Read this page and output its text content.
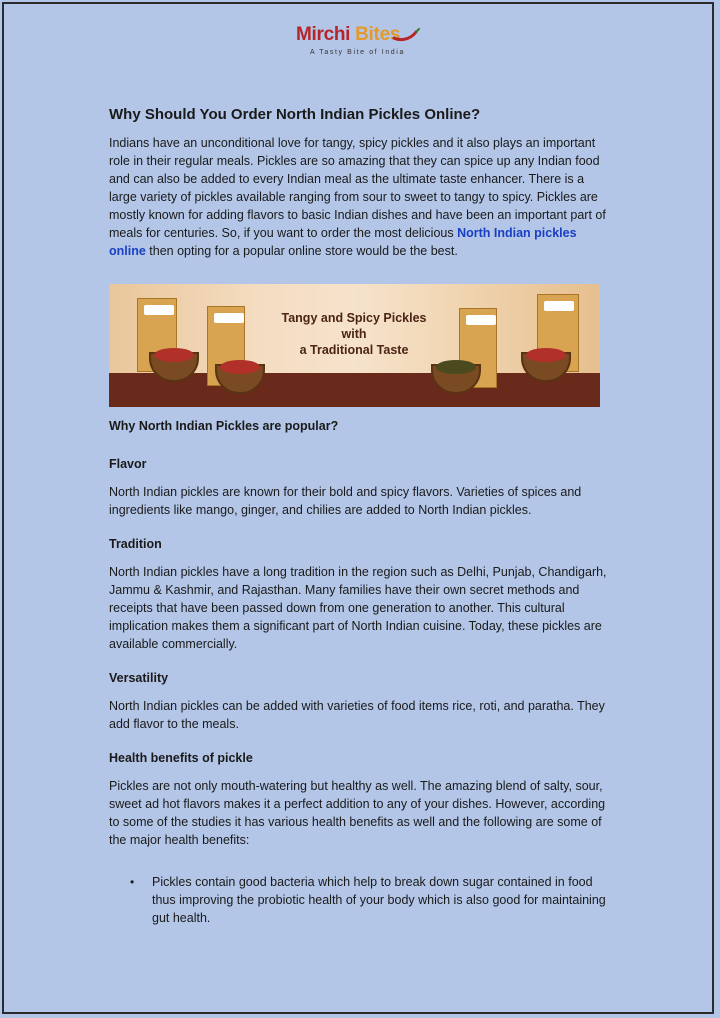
Mirchi Bites
A Tasty Bite of India
Why Should You Order North Indian Pickles Online?

Indians have an unconditional love for tangy, spicy pickles and it also plays an important role in their regular meals. Pickles are so amazing that they can spice up any Indian food and can also be added to every Indian meal as the ultimate taste enhancer. There is a large variety of pickles available ranging from sour to sweet to tangy to spicy. Pickles are mostly known for adding flavors to basic Indian dishes and have been an important part of meals for centuries. So, if you want to order the most delicious North Indian pickles online then opting for a popular online store would be the best.

Tangy and Spicy Pickles with
a Traditional Taste
Why North Indian Pickles are popular?
Flavor

North Indian pickles are known for their bold and spicy flavors. Varieties of spices and ingredients like mango, ginger, and chilies are added to North Indian pickles.

Tradition

North Indian pickles have a long tradition in the region such as Delhi, Punjab, Chandigarh, Jammu & Kashmir, and Rajasthan. Many families have their own secret methods and receipts that have been passed down from one generation to another. This cultural implication makes them a significant part of North Indian cuisine. Today, these pickles are available commercially.

Versatility

North Indian pickles can be added with varieties of food items rice, roti, and paratha. They add flavor to the meals.

Health benefits of pickle

Pickles are not only mouth-watering but healthy as well. The amazing blend of salty, sour, sweet ad hot flavors makes it a perfect addition to any of your dishes. However, according to some of the studies it has various health benefits as well and the following are some of the major health benefits:

• Pickles contain good bacteria which help to break down sugar contained in food thus improving the probiotic health of your body which is also good for maintaining gut health.
